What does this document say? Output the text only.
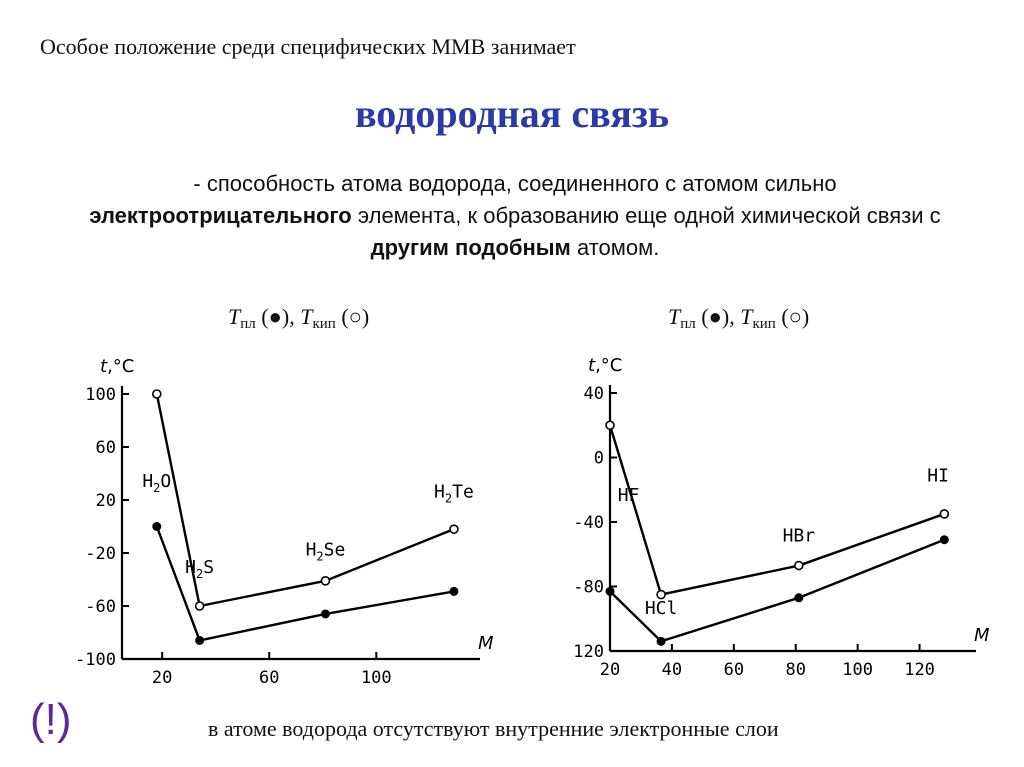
Особое положение среди специфических ММВ занимает
водородная связь
- способность атома водорода, соединенного с атомом сильно электроотрицательного элемента, к образованию еще одной химической связи с другим подобным атомом.
$T_{пл}$ (●), $T_{кип}$ (○)	$T_{пл}$ (●), $T_{кип}$ (○)
t,°C
M
100
60
20
-20
-60
-100
20	60	100
$H_2O$
$H_2S$
$H_2Se$
$H_2Te$
t,°C
M
40
0
-40
-80
120
20 40 60 80 100 120
HF
HCl
HBr
HI
(!)	в атоме водорода отсутствуют внутренние электронные слои
